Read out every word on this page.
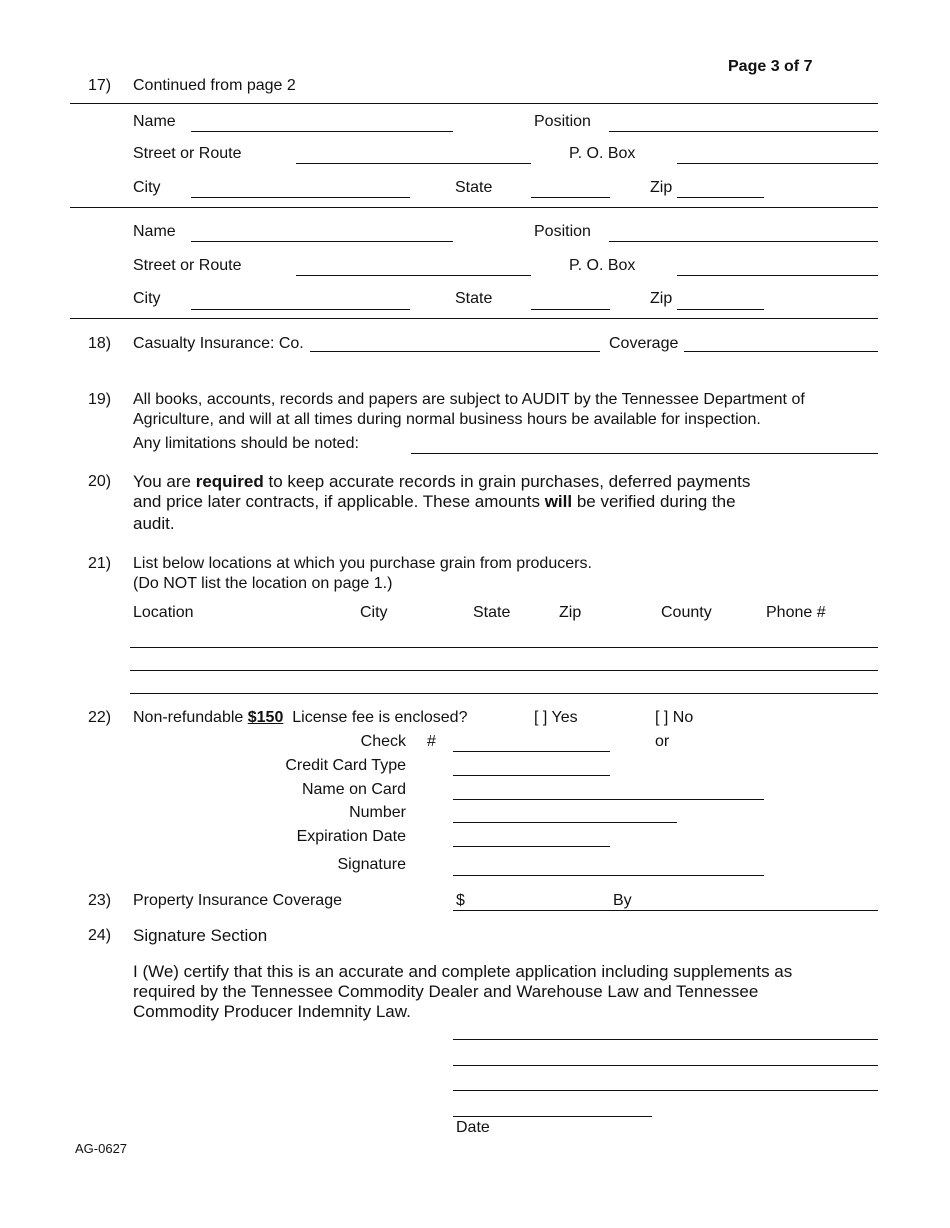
Page 3 of 7
17) Continued from page 2
Name	Position
Street or Route	P. O. Box
City	State	Zip
Name	Position
Street or Route	P. O. Box
City	State	Zip
18) Casualty Insurance: Co.	Coverage
19) All books, accounts, records and papers are subject to AUDIT by the Tennessee Department of
Agriculture, and will at all times during normal business hours be available for inspection.
Any limitations should be noted:
20) You are required to keep accurate records in grain purchases, deferred payments
and price later contracts, if applicable. These amounts will be verified during the
audit.
21) List below locations at which you purchase grain from producers.
(Do NOT list the location on page 1.)
Location	City	State	Zip	County	Phone #
22) Non-refundable $150 License fee is enclosed?	[ ] Yes	[ ] No
Check #	or
Credit Card Type
Name on Card
Number
Expiration Date
Signature
23) Property Insurance Coverage	$	By
24) Signature Section
I (We) certify that this is an accurate and complete application including supplements as
required by the Tennessee Commodity Dealer and Warehouse Law and Tennessee
Commodity Producer Indemnity Law.
Date
AG-0627
